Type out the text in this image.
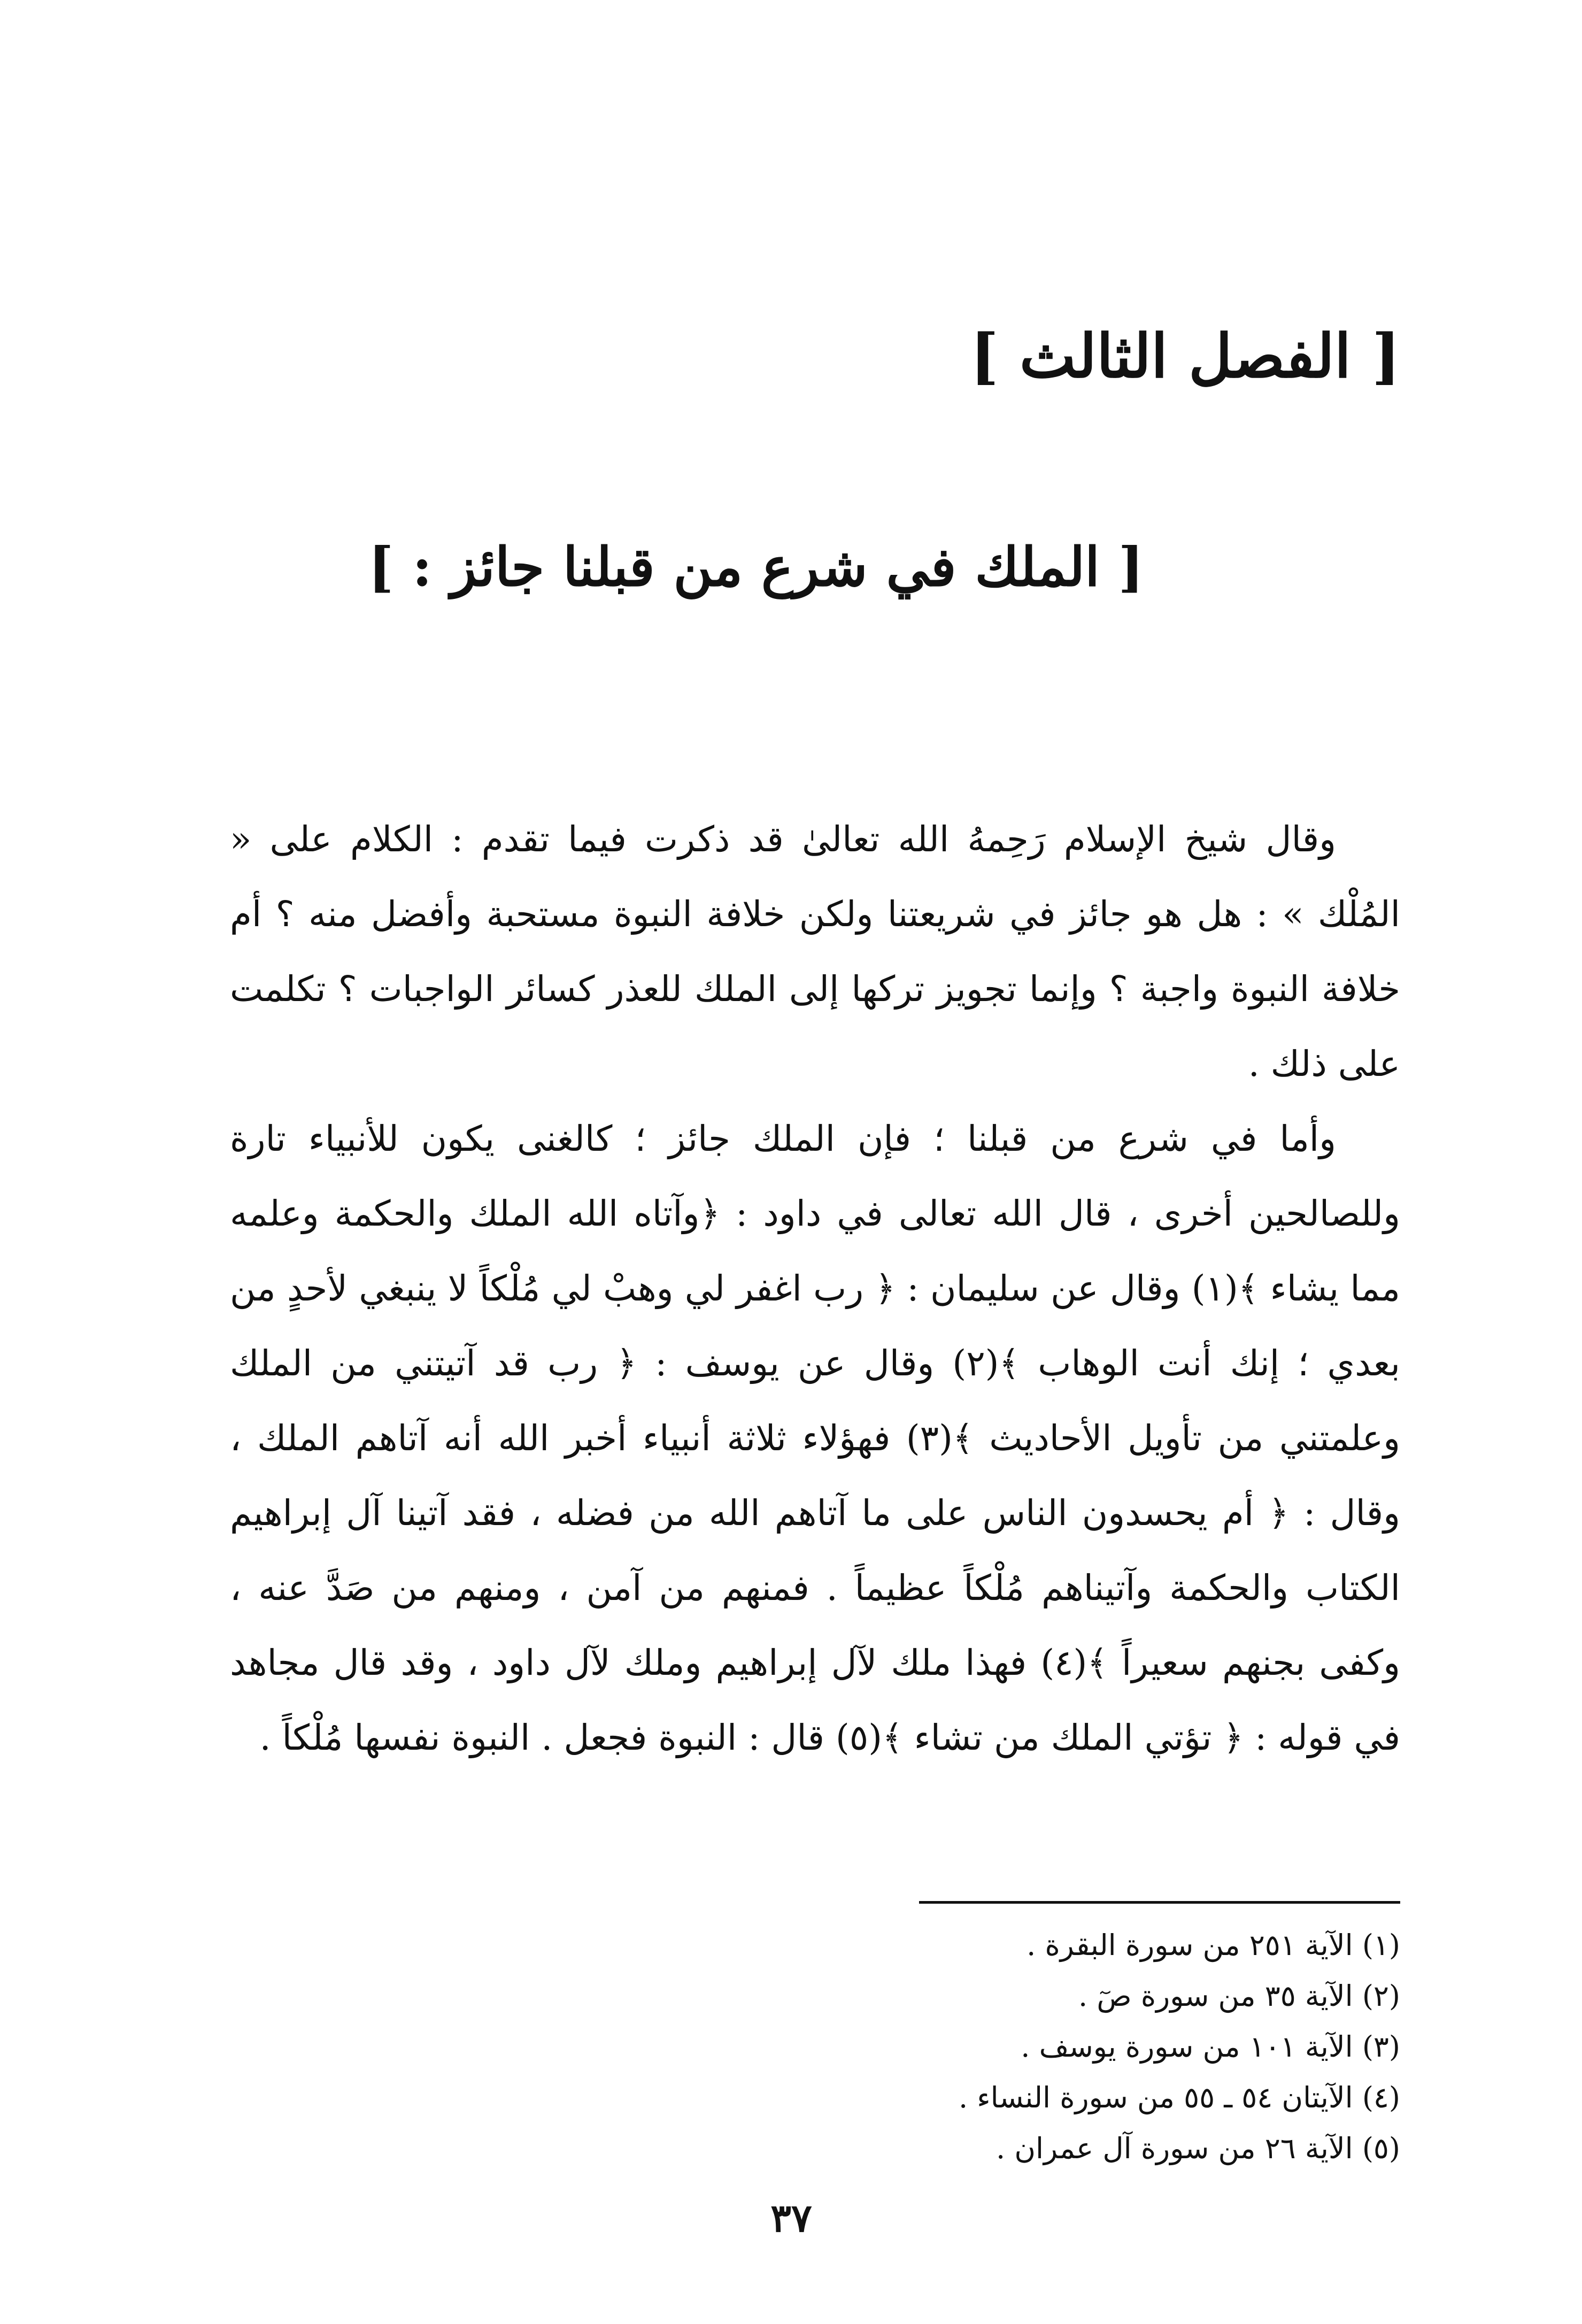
[ الفصل الثالث ]
[ الملك في شرع من قبلنا جائز : ]

وقال شيخ الإسلام رَحِمهُ الله تعالىٰ قد ذكرت فيما تقدم : الكلام على « المُلْك » : هل هو جائز في شريعتنا ولكن خلافة النبوة مستحبة وأفضل منه ؟ أم خلافة النبوة واجبة ؟ وإنما تجويز تركها إلى الملك للعذر كسائر الواجبات ؟ تكلمت على ذلك .

وأما في شرع من قبلنا ؛ فإن الملك جائز ؛ كالغنى يكون للأنبياء تارة وللصالحين أخرى ، قال الله تعالى في داود : ﴿وآتاه الله الملك والحكمة وعلمه مما يشاء ﴾(١) وقال عن سليمان : ﴿ رب اغفر لي وهبْ لي مُلْكاً لا ينبغي لأحدٍ من بعدي ؛ إنك أنت الوهاب ﴾(٢) وقال عن يوسف : ﴿ رب قد آتيتني من الملك وعلمتني من تأويل الأحاديث ﴾(٣) فهؤلاء ثلاثة أنبياء أخبر الله أنه آتاهم الملك ، وقال : ﴿ أم يحسدون الناس على ما آتاهم الله من فضله ، فقد آتينا آل إبراهيم الكتاب والحكمة وآتيناهم مُلْكاً عظيماً . فمنهم من آمن ، ومنهم من صَدَّ عنه ، وكفى بجنهم سعيراً ﴾(٤) فهذا ملك لآل إبراهيم وملك لآل داود ، وقد قال مجاهد في قوله : ﴿ تؤتي الملك من تشاء ﴾(٥) قال : النبوة فجعل . النبوة نفسها مُلْكاً .

(١) الآية ٢٥١ من سورة البقرة .
(٢) الآية ٣٥ من سورة صٓ .
(٣) الآية ١٠١ من سورة يوسف .
(٤) الآيتان ٥٤ ـ ٥٥ من سورة النساء .
(٥) الآية ٢٦ من سورة آل عمران .
٣٧
